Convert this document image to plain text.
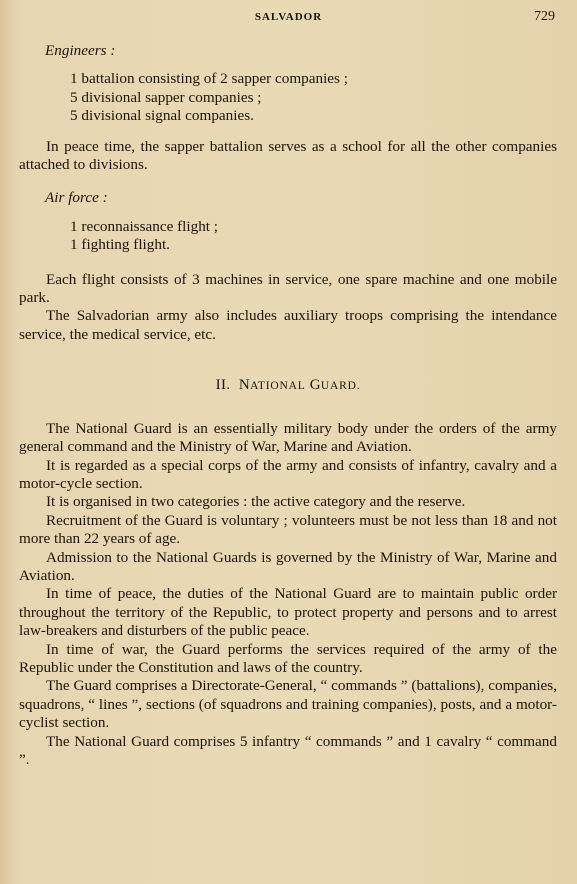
SALVADOR	729

Engineers :

1 battalion consisting of 2 sapper companies ;
5 divisional sapper companies ;
5 divisional signal companies.

In peace time, the sapper battalion serves as a school for all the other companies attached to divisions.

Air force :

1 reconnaissance flight ;
1 fighting flight.

Each flight consists of 3 machines in service, one spare machine and one mobile park.

The Salvadorian army also includes auxiliary troops comprising the intendance service, the medical service, etc.

II. NATIONAL GUARD.

The National Guard is an essentially military body under the orders of the army general command and the Ministry of War, Marine and Aviation.

It is regarded as a special corps of the army and consists of infantry, cavalry and a motor-cycle section.

It is organised in two categories : the active category and the reserve.

Recruitment of the Guard is voluntary ; volunteers must be not less than 18 and not more than 22 years of age.

Admission to the National Guards is governed by the Ministry of War, Marine and Aviation.

In time of peace, the duties of the National Guard are to maintain public order throughout the territory of the Republic, to protect property and persons and to arrest law-breakers and disturbers of the public peace.

In time of war, the Guard performs the services required of the army of the Republic under the Constitution and laws of the country.

The Guard comprises a Directorate-General, “ commands ” (battalions), companies, squadrons, “ lines ”, sections (of squadrons and training companies), posts, and a motor-cyclist section.

The National Guard comprises 5 infantry “ commands ” and 1 cavalry “ command ”.
